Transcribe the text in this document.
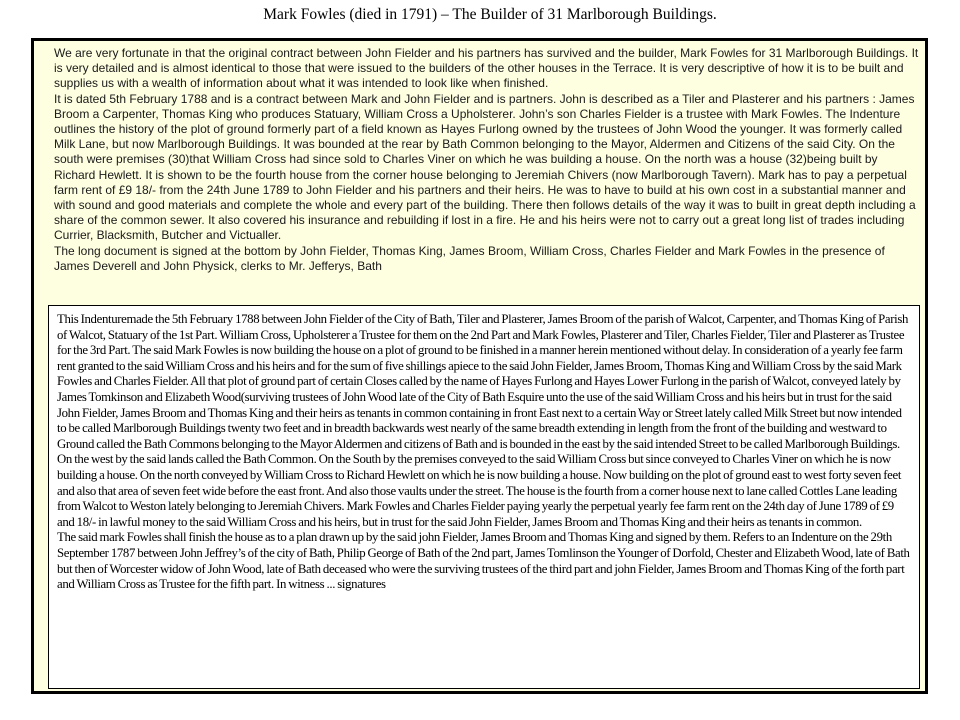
Mark Fowles (died in 1791) – The Builder of 31 Marlborough Buildings.

We are very fortunate in that the original contract between John Fielder and his partners has survived and the builder, Mark Fowles for 31 Marlborough Buildings. It is very detailed and is almost identical to those that were issued to the builders of the other houses in the Terrace. It is very descriptive of how it is to be built and supplies us with a wealth of information about what it was intended to look like when finished.

It is dated 5th February 1788 and is a contract between Mark and John Fielder and is partners. John is described as a Tiler and Plasterer and his partners : James Broom a Carpenter, Thomas King who produces Statuary, William Cross a Upholsterer. John’s son Charles Fielder is a trustee with Mark Fowles. The Indenture outlines the history of the plot of ground formerly part of a field known as Hayes Furlong owned by the trustees of John Wood the younger. It was formerly called Milk Lane, but now Marlborough Buildings. It was bounded at the rear by Bath Common belonging to the Mayor, Aldermen and Citizens of the said City. On the south were premises (30)that William Cross had since sold to Charles Viner on which he was building a house. On the north was a house (32)being built by Richard Hewlett. It is shown to be the fourth house from the corner house belonging to Jeremiah Chivers (now Marlborough Tavern). Mark has to pay a perpetual farm rent of £9 18/- from the 24th June 1789 to John Fielder and his partners and their heirs. He was to have to build at his own cost in a substantial manner and with sound and good materials and complete the whole and every part of the building. There then follows details of the way it was to built in great depth including a share of the common sewer. It also covered his insurance and rebuilding if lost in a fire. He and his heirs were not to carry out a great long list of trades including Currier, Blacksmith, Butcher and Victualler.

The long document is signed at the bottom by John Fielder, Thomas King, James Broom, William Cross, Charles Fielder and Mark Fowles in the presence of James Deverell and John Physick, clerks to Mr. Jefferys, Bath

This Indenturemade the 5th February 1788 between John Fielder of the City of Bath, Tiler and Plasterer, James Broom of the parish of Walcot, Carpenter, and Thomas King of Parish of Walcot, Statuary of the 1st Part. William Cross, Upholsterer a Trustee for them on the 2nd Part and Mark Fowles, Plasterer and Tiler, Charles Fielder, Tiler and Plasterer as Trustee for the 3rd Part. The said Mark Fowles is now building the house on a plot of ground to be finished in a manner herein mentioned without delay. In consideration of a yearly fee farm rent granted to the said William Cross and his heirs and for the sum of five shillings apiece to the said John Fielder, James Broom, Thomas King and William Cross by the said Mark Fowles and Charles Fielder. All that plot of ground part of certain Closes called by the name of Hayes Furlong and Hayes Lower Furlong in the parish of Walcot, conveyed lately by James Tomkinson and Elizabeth Wood(surviving trustees of John Wood late of the City of Bath Esquire unto the use of the said William Cross and his heirs but in trust for the said John Fielder, James Broom and Thomas King and their heirs as tenants in common containing in front East next to a certain Way or Street lately called Milk Street but now intended to be called Marlborough Buildings twenty two feet and in breadth backwards west nearly of the same breadth extending in length from the front of the building and westward to Ground called the Bath Commons belonging to the Mayor Aldermen and citizens of Bath and is bounded in the east by the said intended Street to be called Marlborough Buildings. On the west by the said lands called the Bath Common. On the South by the premises conveyed to the said William Cross but since conveyed to Charles Viner on which he is now building a house. On the north conveyed by William Cross to Richard Hewlett on which he is now building a house. Now building on the plot of ground east to west forty seven feet and also that area of seven feet wide before the east front. And also those vaults under the street. The house is the fourth from a corner house next to lane called Cottles Lane leading from Walcot to Weston lately belonging to Jeremiah Chivers. Mark Fowles and Charles Fielder paying yearly the perpetual yearly fee farm rent on the 24th day of June 1789 of £9 and 18/- in lawful money to the said William Cross and his heirs, but in trust for the said John Fielder, James Broom and Thomas King and their heirs as tenants in common.

The said mark Fowles shall finish the house as to a plan drawn up by the said john Fielder, James Broom and Thomas King and signed by them. Refers to an Indenture on the 29th September 1787 between John Jeffrey’s of the city of Bath, Philip George of Bath of the 2nd part, James Tomlinson the Younger of Dorfold, Chester and Elizabeth Wood, late of Bath but then of Worcester widow of John Wood, late of Bath deceased who were the surviving trustees of the third part and john Fielder, James Broom and Thomas King of the forth part and William Cross as Trustee for the fifth part. In witness ... signatures
